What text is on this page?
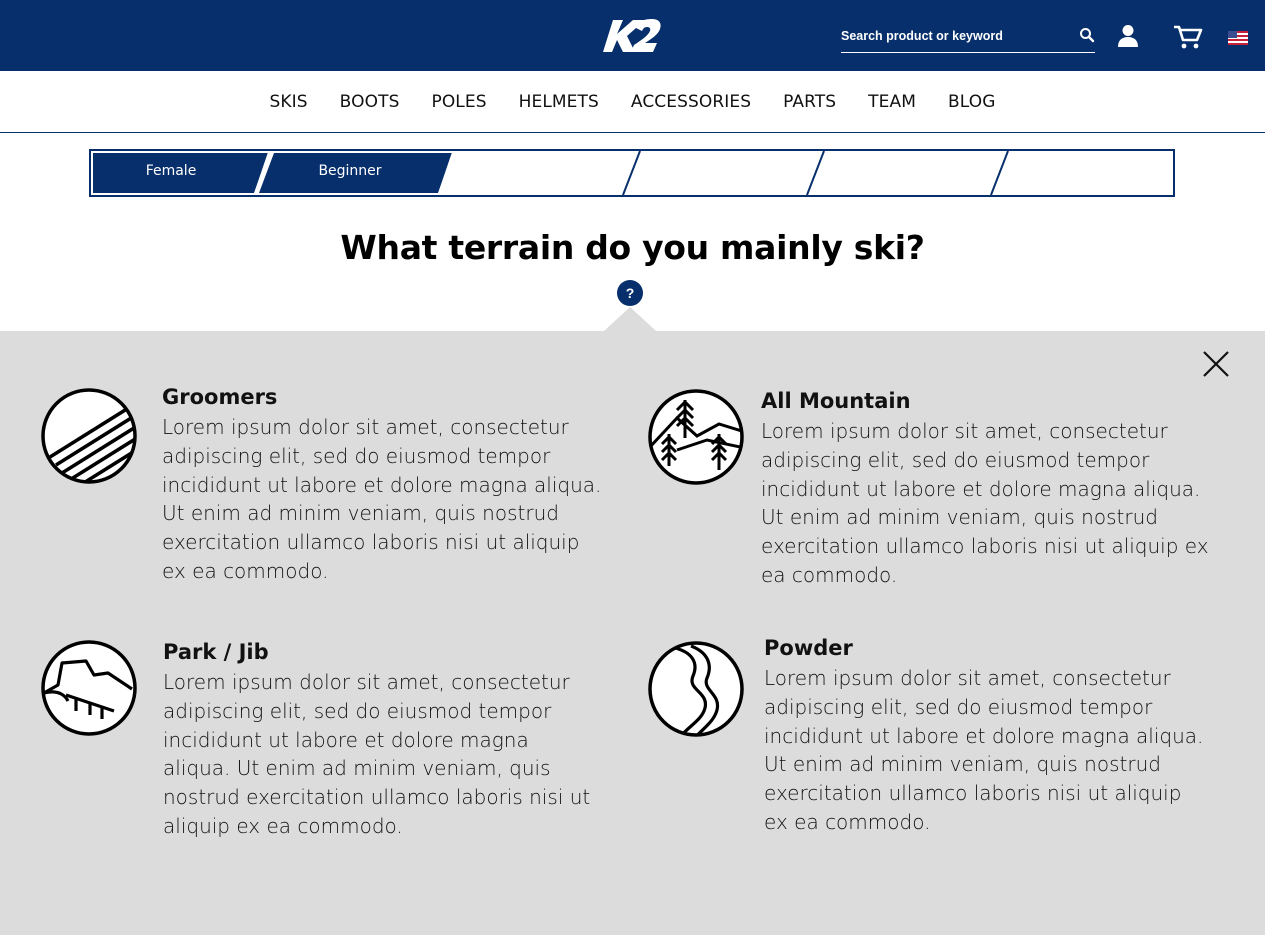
Search product or keyword
SKIS	BOOTS	POLES	HELMETS	ACCESSORIES	PARTS	TEAM	BLOG
Female	Beginner
What terrain do you mainly ski?
?
Groomers

Lorem ipsum dolor sit amet, consectetur adipiscing elit, sed do eiusmod tempor incididunt ut labore et dolore magna aliqua. Ut enim ad minim veniam, quis nostrud exercitation ullamco laboris nisi ut aliquip ex ea commodo.

All Mountain

Lorem ipsum dolor sit amet, consectetur adipiscing elit, sed do eiusmod tempor incididunt ut labore et dolore magna aliqua. Ut enim ad minim veniam, quis nostrud exercitation ullamco laboris nisi ut aliquip ex ea commodo.

Park / Jib

Lorem ipsum dolor sit amet, consectetur adipiscing elit, sed do eiusmod tempor incididunt ut labore et dolore magna aliqua. Ut enim ad minim veniam, quis nostrud exercitation ullamco laboris nisi ut aliquip ex ea commodo.

Powder

Lorem ipsum dolor sit amet, consectetur adipiscing elit, sed do eiusmod tempor incididunt ut labore et dolore magna aliqua. Ut enim ad minim veniam, quis nostrud exercitation ullamco laboris nisi ut aliquip ex ea commodo.
